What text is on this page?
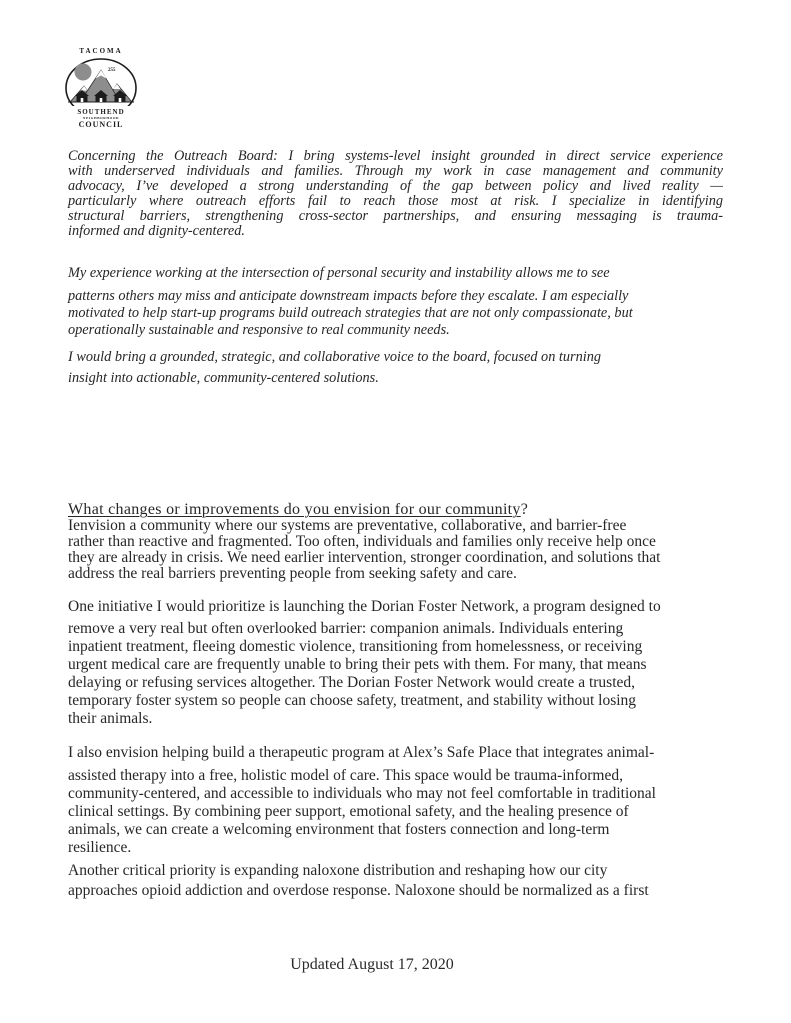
TACOMA
255
SOUTHEND
NEIGHBORHOOD
COUNCIL
Concerning the Outreach Board: I bring systems-level insight grounded in direct service experience
with underserved individuals and families. Through my work in case management and community
advocacy, I’ve developed a strong understanding of the gap between policy and lived reality —
particularly where outreach efforts fail to reach those most at risk. I specialize in identifying
structural barriers, strengthening cross-sector partnerships, and ensuring messaging is trauma-
informed and dignity-centered.
My experience working at the intersection of personal security and instability allows me to see
patterns others may miss and anticipate downstream impacts before they escalate. I am especially
motivated to help start-up programs build outreach strategies that are not only compassionate, but
operationally sustainable and responsive to real community needs.
I would bring a grounded, strategic, and collaborative voice to the board, focused on turning
insight into actionable, community-centered solutions.
What changes or improvements do you envision for our community?
Ienvision a community where our systems are preventative, collaborative, and barrier-free
rather than reactive and fragmented. Too often, individuals and families only receive help once
they are already in crisis. We need earlier intervention, stronger coordination, and solutions that
address the real barriers preventing people from seeking safety and care.
One initiative I would prioritize is launching the Dorian Foster Network, a program designed to
remove a very real but often overlooked barrier: companion animals. Individuals entering
inpatient treatment, fleeing domestic violence, transitioning from homelessness, or receiving
urgent medical care are frequently unable to bring their pets with them. For many, that means
delaying or refusing services altogether. The Dorian Foster Network would create a trusted,
temporary foster system so people can choose safety, treatment, and stability without losing
their animals.
I also envision helping build a therapeutic program at Alex’s Safe Place that integrates animal-
assisted therapy into a free, holistic model of care. This space would be trauma-informed,
community-centered, and accessible to individuals who may not feel comfortable in traditional
clinical settings. By combining peer support, emotional safety, and the healing presence of
animals, we can create a welcoming environment that fosters connection and long-term
resilience.
Another critical priority is expanding naloxone distribution and reshaping how our city
approaches opioid addiction and overdose response. Naloxone should be normalized as a first
Updated August 17, 2020
